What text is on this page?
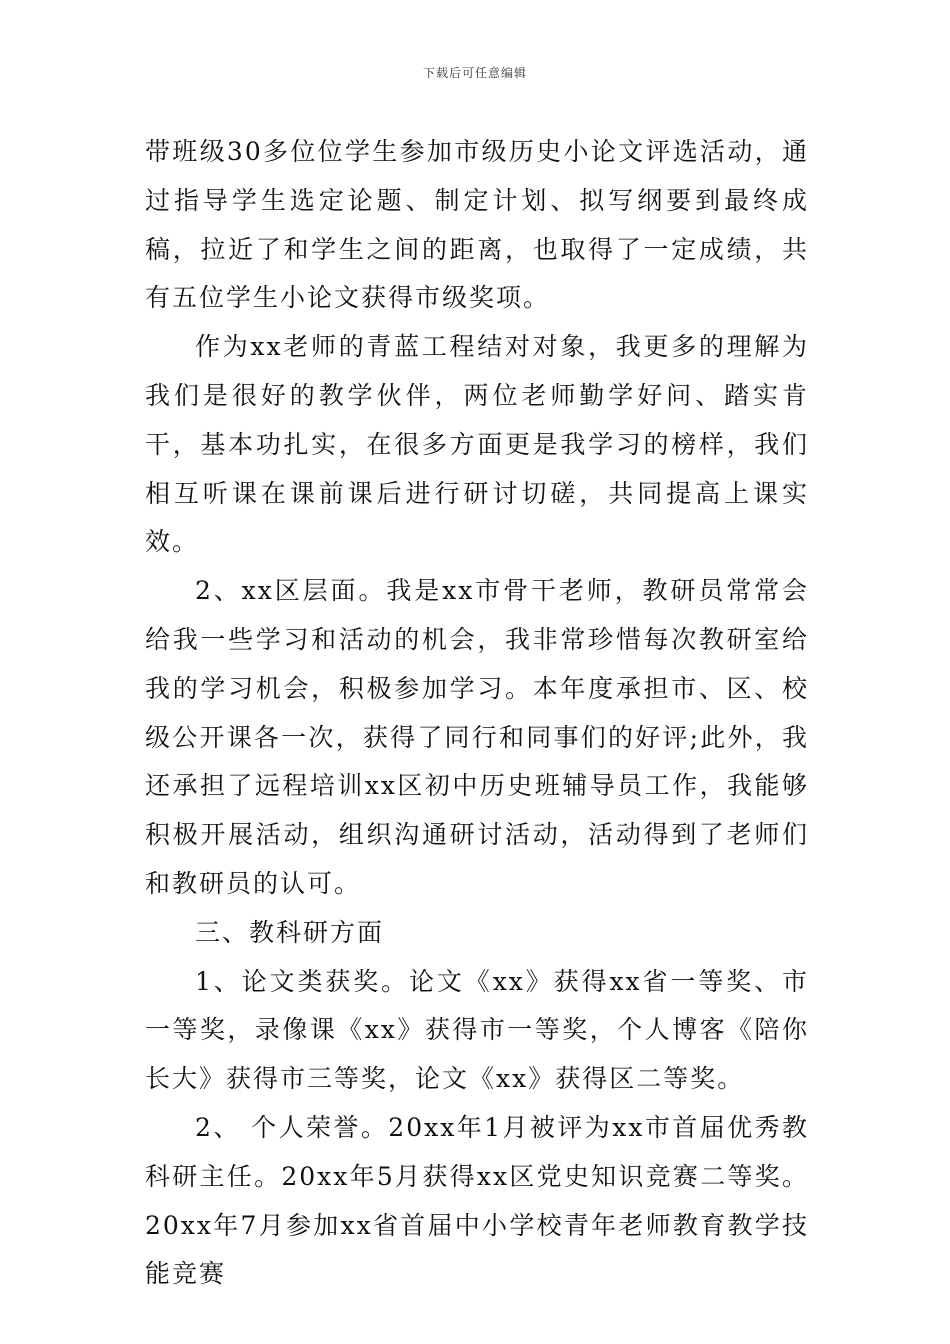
下载后可任意编辑

带班级30多位位学生参加市级历史小论文评选活动，通过指导学生选定论题、制定计划、拟写纲要到最终成稿，拉近了和学生之间的距离，也取得了一定成绩，共有五位学生小论文获得市级奖项。

作为xx老师的青蓝工程结对对象，我更多的理解为我们是很好的教学伙伴，两位老师勤学好问、踏实肯干，基本功扎实，在很多方面更是我学习的榜样，我们相互听课在课前课后进行研讨切磋，共同提高上课实效。

2、xx区层面。我是xx市骨干老师，教研员常常会给我一些学习和活动的机会，我非常珍惜每次教研室给我的学习机会，积极参加学习。本年度承担市、区、校级公开课各一次，获得了同行和同事们的好评;此外，我还承担了远程培训xx区初中历史班辅导员工作，我能够积极开展活动，组织沟通研讨活动，活动得到了老师们和教研员的认可。

三、教科研方面

1、论文类获奖。论文《xx》获得xx省一等奖、市一等奖，录像课《xx》获得市一等奖，个人博客《陪你长大》获得市三等奖，论文《xx》获得区二等奖。

2、 个人荣誉。20xx年1月被评为xx市首届优秀教科研主任。20xx年5月获得xx区党史知识竞赛二等奖。20xx年7月参加xx省首届中小学校青年老师教育教学技能竞赛
